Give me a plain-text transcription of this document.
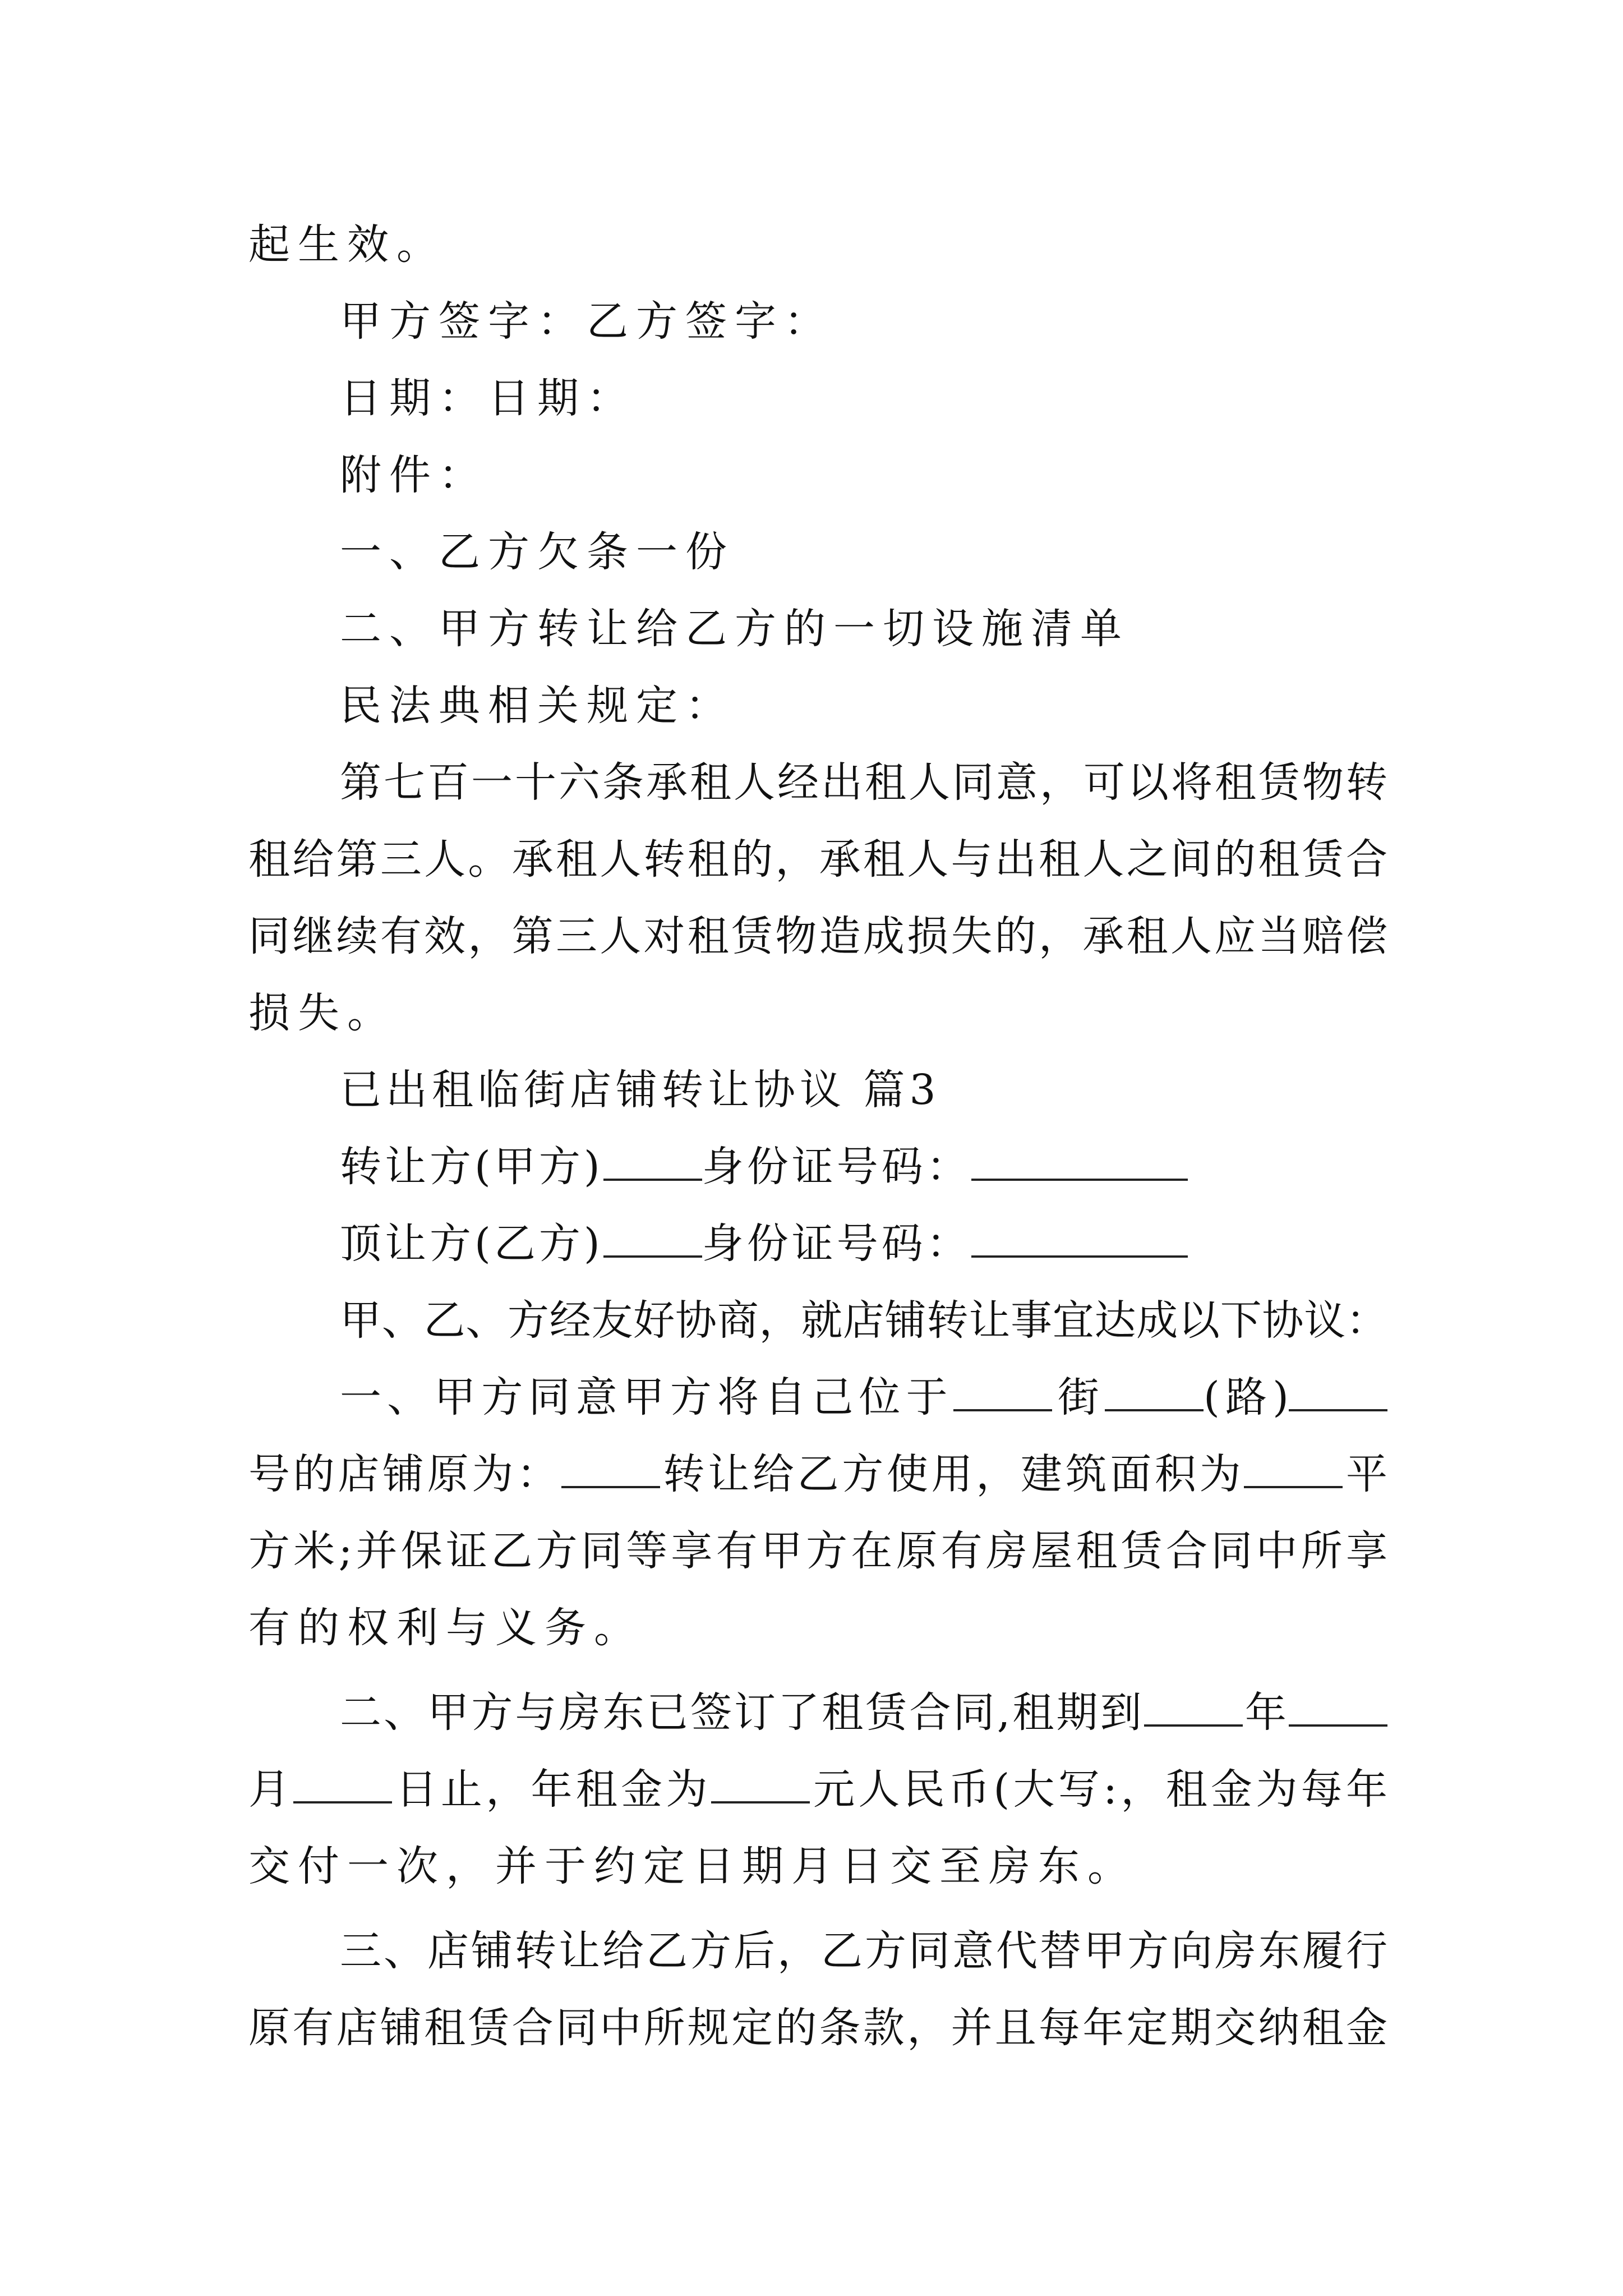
起生效。
甲方签字：乙方签字：
日期：日期：
附件：
一、乙方欠条一份
二、甲方转让给乙方的一切设施清单
民法典相关规定：
第七百一十六条承租人经出租人同意，可以将租赁物转
租给第三人。承租人转租的，承租人与出租人之间的租赁合
同继续有效，第三人对租赁物造成损失的，承租人应当赔偿
损失。
已出租临街店铺转让协议 篇3
转让方(甲方) 身份证号码：
顶让方(乙方) 身份证号码：
甲、乙、方经友好协商，就店铺转让事宜达成以下协议：
一、甲方同意甲方将自己位于 街 (路)
号的店铺原为： 转让给乙方使用，建筑面积为 平
方米;并保证乙方同等享有甲方在原有房屋租赁合同中所享
有的权利与义务。
二、甲方与房东已签订了租赁合同,租期到 年
月 日止，年租金为 元人民币(大写:，租金为每年
交付一次，并于约定日期月日交至房东。
三、店铺转让给乙方后，乙方同意代替甲方向房东履行
原有店铺租赁合同中所规定的条款，并且每年定期交纳租金
